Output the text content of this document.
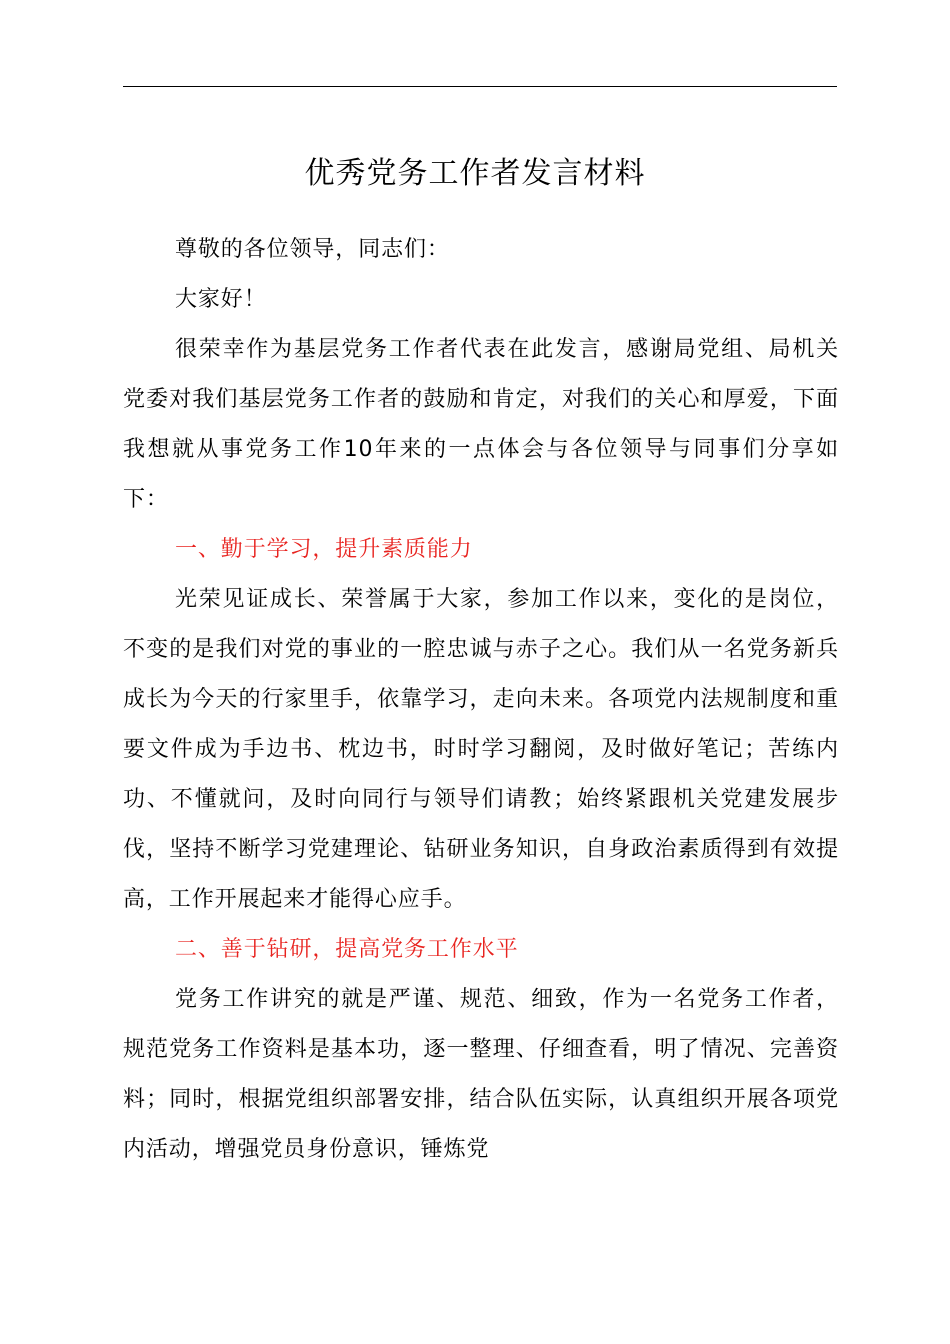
优秀党务工作者发言材料

尊敬的各位领导，同志们：

大家好！

很荣幸作为基层党务工作者代表在此发言，感谢局党组、局机关党委对我们基层党务工作者的鼓励和肯定，对我们的关心和厚爱，下面我想就从事党务工作10年来的一点体会与各位领导与同事们分享如下：

一、勤于学习，提升素质能力

光荣见证成长、荣誉属于大家，参加工作以来，变化的是岗位，不变的是我们对党的事业的一腔忠诚与赤子之心。我们从一名党务新兵成长为今天的行家里手，依靠学习，走向未来。各项党内法规制度和重要文件成为手边书、枕边书，时时学习翻阅，及时做好笔记；苦练内功、不懂就问，及时向同行与领导们请教；始终紧跟机关党建发展步伐，坚持不断学习党建理论、钻研业务知识，自身政治素质得到有效提高，工作开展起来才能得心应手。

二、善于钻研，提高党务工作水平

党务工作讲究的就是严谨、规范、细致，作为一名党务工作者，规范党务工作资料是基本功，逐一整理、仔细查看，明了情况、完善资料；同时，根据党组织部署安排，结合队伍实际，认真组织开展各项党内活动，增强党员身份意识，锤炼党
